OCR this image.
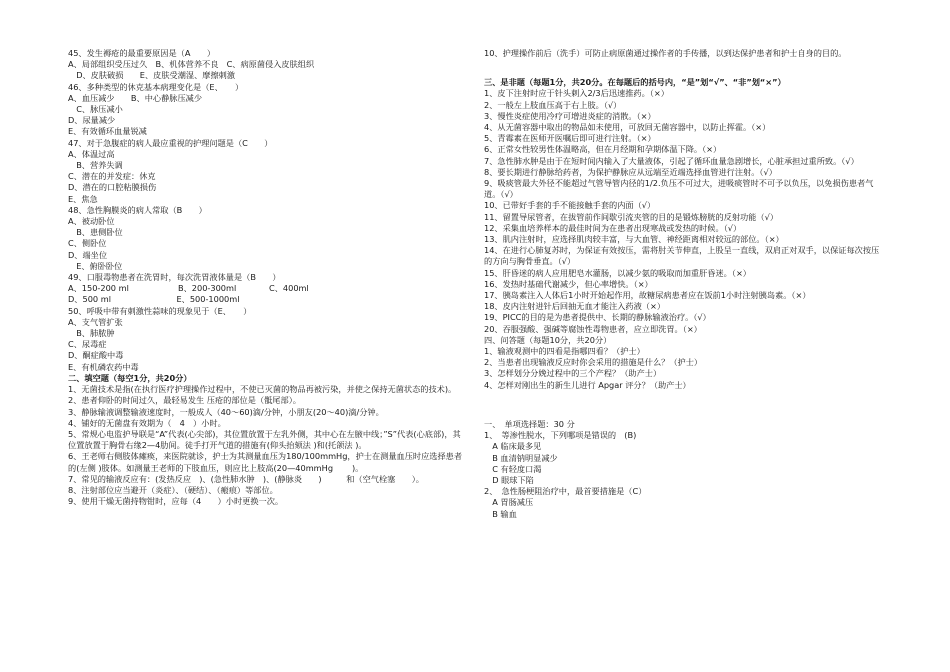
45、发生褥疮的最重要原因是（A　　）
A、局部组织受压过久　B、机体营养不良　C、病原菌侵入皮肤组织
　D、皮肤破损　　E、皮肤受潮湿、摩擦刺激
46、多种类型的休克基本病理变化是（E、　　）
A、血压减少　　B、中心静脉压减少
　C、脉压减小
D、尿量减少
E、有效循环血量锐减
47、对于急腹症的病人最应重视的护理问题是（C　　）
A、体温过高
　B、营养失调
C、潜在的并发症：休克
D、潜在的口腔粘膜损伤
E、焦急
48、急性胸膜炎的病人常取（B　　）
A、被动卧位
　B、患侧卧位
C、侧卧位
D、端坐位
　E、俯卧卧位
49、口服毒物患者在洗胃时，每次洗胃液体量是（B　　）
A、150-200 ml　　　　　　B、200-300ml　　　　C、400ml
D、500 ml　　　　　　　　E、500-1000ml
50、呼吸中带有刺激性蒜味的现象见于（E、　　）
A、支气管扩张
　B、肺脓肿
C、尿毒症
D、酮症酸中毒
E、有机磷农药中毒
二、填空题（每空1分，共20分）
1、无菌技术是指(在执行医疗护理操作过程中，不使已灭菌的物品再被污染，并使之保持无菌状态的技术)。
2、患者仰卧的时间过久，最轻易发生 压疮的部位是（骶尾部）。
3、静脉输液调整输液速度时，一般成人（40～60)滴/分钟，小朋友(20～40)滴/分钟。
4、铺好的无菌盘有效期为（　4　）小时。
5、常规心电监护导联是“A”代表(心尖部)，其位置放置于左乳外侧，其中心在左腋中线；”S”代表(心底部)，其位置放置于胸骨右缘2—4肋间。徒手打开气道的措施有(仰头抬颏法 )和(托颌法 )。
6、王老师右侧肢体瘫痪，来医院就诊，护士为其测量血压为180/100mmHg，护士在测量血压时应选择患者的(左侧 )肢体。如测量王老师的下肢血压，则应比上肢高(20—40mmHg　　 )。
7、常见的输液反应有：(发热反应　)、(急性肺水肿　)、(静脉炎　　)　　　和（空气栓塞　　）。
8、注射部位应当避开（炎症）、（硬结）、（瘢痕）等部位。
9、使用干燥无菌持物钳时，应每（4　　）小时更换一次。
10、护理操作前后（洗手）可防止病原菌通过操作者的手传播，以到达保护患者和护士自身的目的。
三、是非题（每题1分，共20分。在每题后的括号内，“是”划“√”、“非”划“×”）
1、皮下注射时应于针头刺入2/3后迅速推药。（×）
2、一般左上肢血压高于右上肢。（√）
3、慢性炎症使用冷疗可增进炎症的消散。（×）
4、从无菌容器中取出的物品如未使用，可放回无菌容器中，以防止挥霍。（×）
5、青霉素在医师开医嘱后即可进行注射。（×）
6、正常女性较男性体温略高，但在月经期和孕期体温下降。（×）
7、急性肺水肿是由于在短时间内输入了大量液体，引起了循环血量急剧增长，心脏承担过重所致。（√）
8、要长期进行静脉给药者，为保护静脉应从远端至近端选择血管进行注射。（√）
9、吸痰管最大外径不能超过气管导管内径的1/2.负压不可过大，进吸痰管时不可予以负压，以免损伤患者气道。（√）
10、已带好手套的手不能接触手套的内面（√）
11、留置导尿管者，在拔管前作间歇引流夹管的目的是锻炼膀胱的反射功能（√）
12、采集血培养样本的最佳时间为在患者出现寒战或发热的时候。（√）
13、肌内注射时，应选择肌肉较丰富，与大血管、神经距离相对较远的部位。（×）
14、在进行心肺复苏时，为保证有效按压，需将肘关节伸直，上股呈一直线，双肩正对双手，以保证每次按压的方向与胸骨垂直。（√）
15、肝昏迷的病人应用肥皂水灌肠，以减少氨的吸取而加重肝昏迷。（×）
16、发热时基础代谢减少，但心率增快。（×）
17、胰岛素注入人体后1小时开始起作用，故糖尿病患者应在饭前1小时注射胰岛素。（×）
18、皮内注射进针后回抽无血才能注入药液（×）
19、PICC的目的是为患者提供中、长期的静脉输液治疗。（√）
20、吞服强酸、强碱等腐蚀性毒物患者，应立即洗胃。（×）
四、问答题（每题10分，共20分）
1、输液观测中的四看是指哪四看？（护士）
2、当患者出现输液反应时你会采用的措施是什么？（护士）
3、怎样划分分娩过程中的三个产程？（助产士）
4、怎样对刚出生的新生儿进行 Apgar 评分？（助产士）
一、　单项选择题：30 分
1、　等渗性脱水，下列哪项是错误的　(B)
　A 临床最多见
　B 血清钠明显减少
　C 有轻度口渴
　D 眼球下陷
2、　急性肠梗阻治疗中，最首要措施是（C）
　A 胃肠减压
　B 输血
